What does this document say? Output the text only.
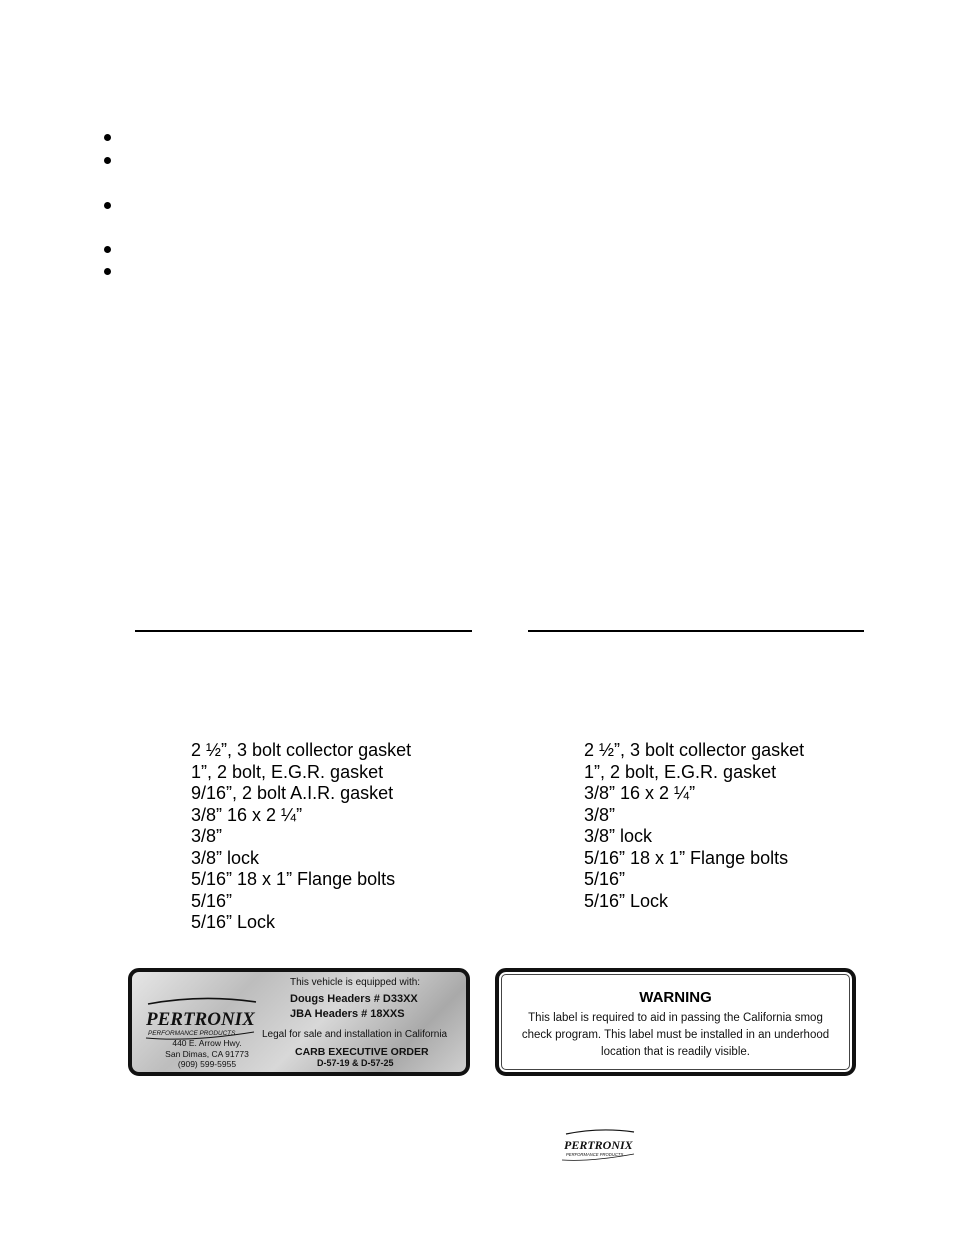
2 ½”, 3 bolt collector gasket
1”, 2 bolt, E.G.R. gasket
9/16”, 2 bolt A.I.R. gasket
3/8” 16 x 2 ¼”
3/8”
3/8” lock
5/16” 18 x 1” Flange bolts
5/16”
5/16” Lock
2 ½”, 3 bolt collector gasket
1”, 2 bolt, E.G.R. gasket
3/8” 16 x 2 ¼”
3/8”
3/8” lock
5/16” 18 x 1” Flange bolts
5/16”
5/16” Lock
PERTRONIX
PERFORMANCE PRODUCTS

440 E. Arrow Hwy.
San Dimas, CA 91773
(909) 599-5955

This vehicle is equipped with:

Dougs Headers # D33XX

JBA Headers # 18XXS

Legal for sale and installation in California

CARB EXECUTIVE ORDER

D-57-19 & D-57-25

WARNING

This label is required to aid in passing the California smog check program. This label must be installed in an underhood location that is readily visible.

PERTRONIX
PERFORMANCE PRODUCTS
